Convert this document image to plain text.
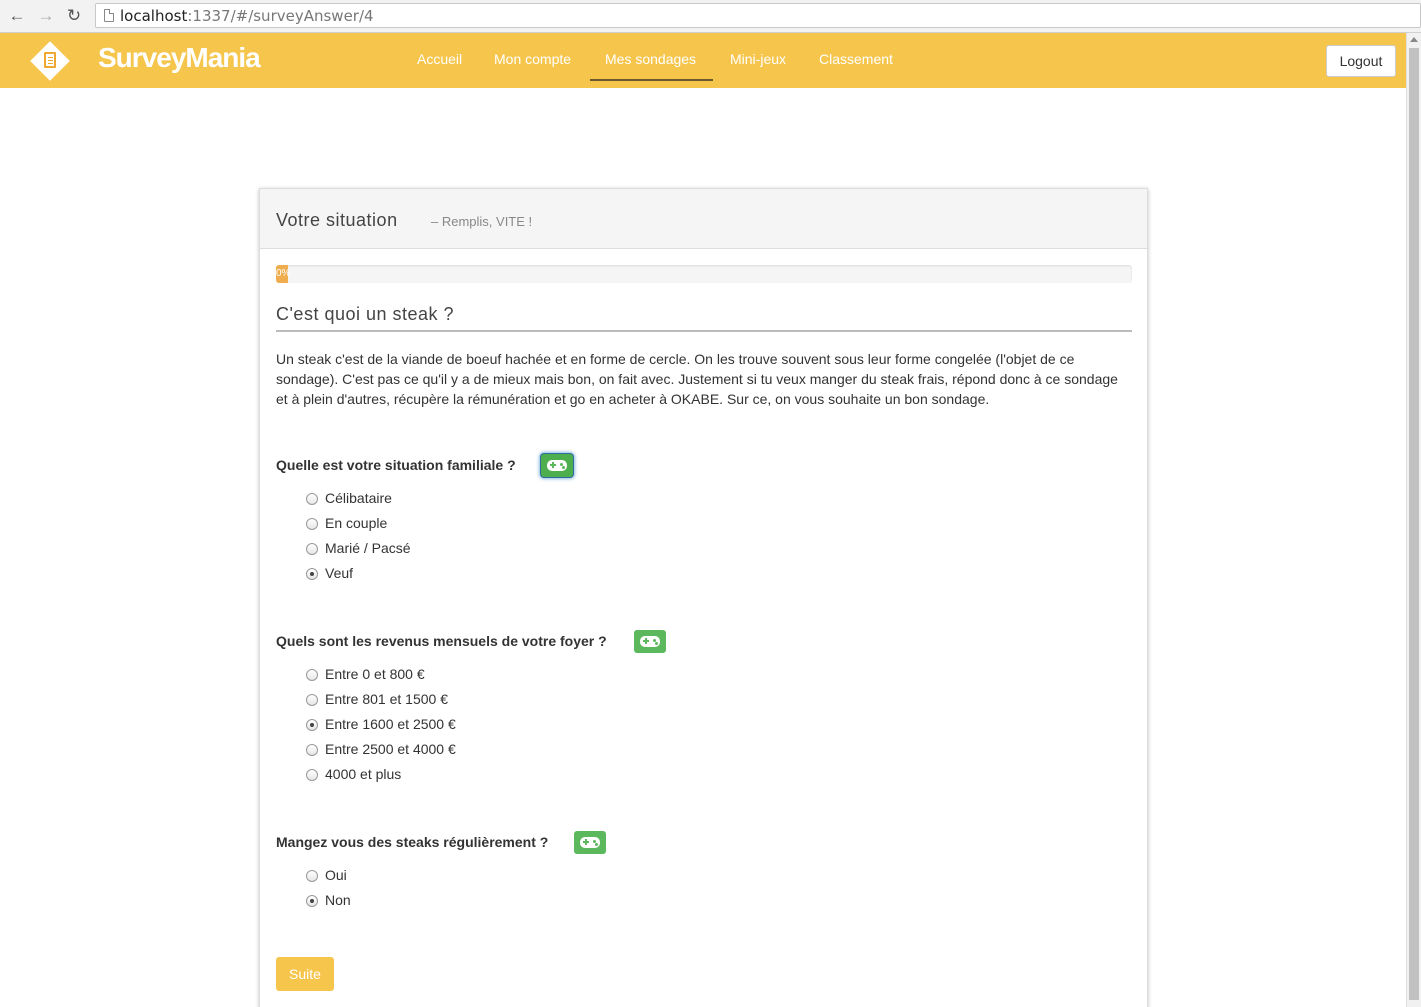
← → ↻	localhost:1337/#/surveyAnswer/4
SurveyMania	Accueil Mon compte Mes sondages Mini-jeux Classement	Logout
Votre situation	– Remplis, VITE !
0%
C'est quoi un steak ?
Un steak c'est de la viande de boeuf hachée et en forme de cercle. On les trouve souvent sous leur forme congelée (l'objet de ce sondage). C'est pas ce qu'il y a de mieux mais bon, on fait avec. Justement si tu veux manger du steak frais, répond donc à ce sondage et à plein d'autres, récupère la rémunération et go en acheter à OKABE. Sur ce, on vous souhaite un bon sondage.
Quelle est votre situation familiale ?
Célibataire
En couple
Marié / Pacsé
Veuf
Quels sont les revenus mensuels de votre foyer ?
Entre 0 et 800 €
Entre 801 et 1500 €
Entre 1600 et 2500 €
Entre 2500 et 4000 €
4000 et plus
Mangez vous des steaks régulièrement ?
Oui
Non
Suite
